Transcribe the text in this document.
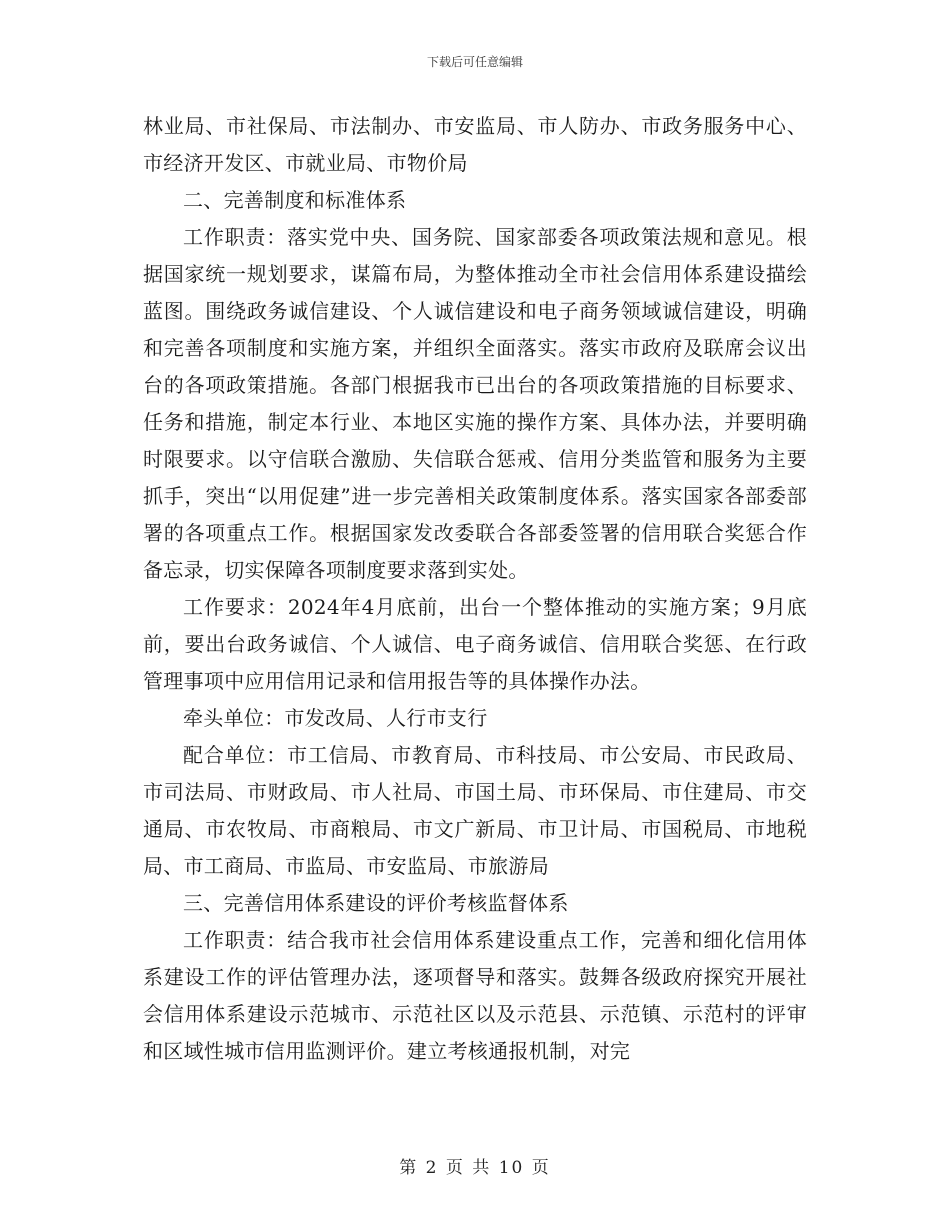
下载后可任意编辑

林业局、市社保局、市法制办、市安监局、市人防办、市政务服务中心、市经济开发区、市就业局、市物价局

二、完善制度和标准体系

工作职责：落实党中央、国务院、国家部委各项政策法规和意见。根据国家统一规划要求，谋篇布局，为整体推动全市社会信用体系建设描绘蓝图。围绕政务诚信建设、个人诚信建设和电子商务领域诚信建设，明确和完善各项制度和实施方案，并组织全面落实。落实市政府及联席会议出台的各项政策措施。各部门根据我市已出台的各项政策措施的目标要求、任务和措施，制定本行业、本地区实施的操作方案、具体办法，并要明确时限要求。以守信联合激励、失信联合惩戒、信用分类监管和服务为主要抓手，突出“以用促建”进一步完善相关政策制度体系。落实国家各部委部署的各项重点工作。根据国家发改委联合各部委签署的信用联合奖惩合作备忘录，切实保障各项制度要求落到实处。

工作要求：2024年4月底前，出台一个整体推动的实施方案；9月底前，要出台政务诚信、个人诚信、电子商务诚信、信用联合奖惩、在行政管理事项中应用信用记录和信用报告等的具体操作办法。

牵头单位：市发改局、人行市支行

配合单位：市工信局、市教育局、市科技局、市公安局、市民政局、市司法局、市财政局、市人社局、市国土局、市环保局、市住建局、市交通局、市农牧局、市商粮局、市文广新局、市卫计局、市国税局、市地税局、市工商局、市监局、市安监局、市旅游局

三、完善信用体系建设的评价考核监督体系

工作职责：结合我市社会信用体系建设重点工作，完善和细化信用体系建设工作的评估管理办法，逐项督导和落实。鼓舞各级政府探究开展社会信用体系建设示范城市、示范社区以及示范县、示范镇、示范村的评审和区域性城市信用监测评价。建立考核通报机制，对完

第 2 页 共 10 页
